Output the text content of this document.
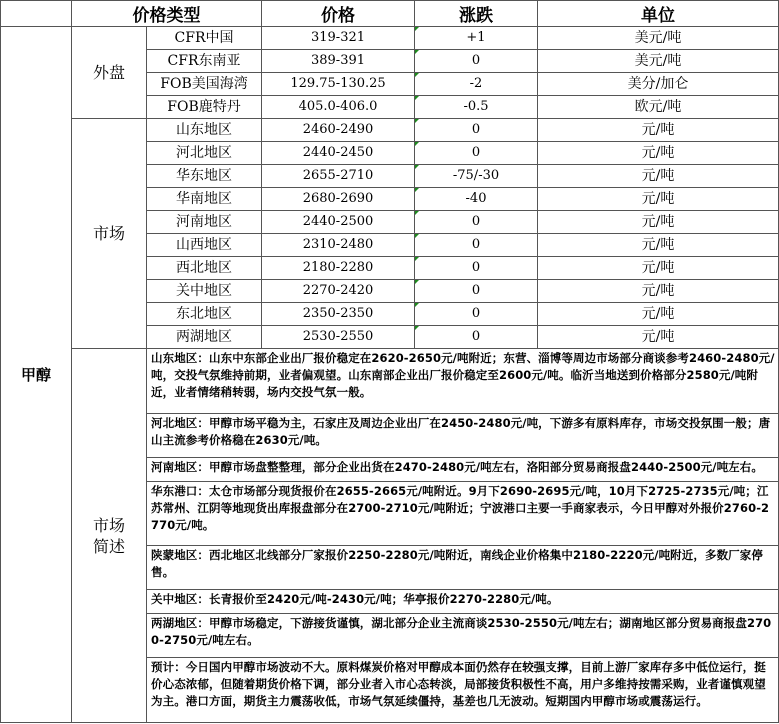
	价格类型		价格	涨跌	单位
甲醇	外盘	CFR中国	319-321	+1	美元/吨
		CFR东南亚	389-391	0	美元/吨
		FOB美国海湾	129.75-130.25	-2	美分/加仑
		FOB鹿特丹	405.0-406.0	-0.5	欧元/吨
	市场	山东地区	2460-2490	0	元/吨
		河北地区	2440-2450	0	元/吨
		华东地区	2655-2710	-75/-30	元/吨
		华南地区	2680-2690	-40	元/吨
		河南地区	2440-2500	0	元/吨
		山西地区	2310-2480	0	元/吨
		西北地区	2180-2280	0	元/吨
		关中地区	2270-2420	0	元/吨
		东北地区	2350-2350	0	元/吨
		两湖地区	2530-2550	0	元/吨
	市场
简述	山东地区：山东中东部企业出厂报价稳定在2620-2650元/吨附近；东营、淄博等周边市场部分商谈参考2460-2480元/吨，交投气氛维持前期，业者偏观望。山东南部企业出厂报价稳定至2600元/吨。临沂当地送到价格部分2580元/吨附近，业者情绪稍转弱，场内交投气氛一般。			
		河北地区：甲醇市场平稳为主，石家庄及周边企业出厂在2450-2480元/吨，下游多有原料库存，市场交投氛围一般；唐山主流参考价格稳在2630元/吨。			
		河南地区：甲醇市场盘整整理，部分企业出货在2470-2480元/吨左右，洛阳部分贸易商报盘2440-2500元/吨左右。			
		华东港口：太仓市场部分现货报价在2655-2665元/吨附近。9月下2690-2695元/吨，10月下2725-2735元/吨；江苏常州、江阴等地现货出库报盘部分在2700-2710元/吨附近；宁波港口主要一手商家表示，今日甲醇对外报价2760-2770元/吨。			
		陕蒙地区：西北地区北线部分厂家报价2250-2280元/吨附近，南线企业价格集中2180-2220元/吨附近，多数厂家停售。			
		关中地区：长青报价至2420元/吨-2430元/吨；华亭报价2270-2280元/吨。			
		两湖地区：甲醇市场稳定，下游接货谨慎，湖北部分企业主流商谈2530-2550元/吨左右；湖南地区部分贸易商报盘2700-2750元/吨左右。			
		预计：今日国内甲醇市场波动不大。原料煤炭价格对甲醇成本面仍然存在较强支撑，目前上游厂家库存多中低位运行，挺价心态浓郁，但随着期货价格下调，部分业者入市心态转淡，局部接货积极性不高，用户多维持按需采购，业者谨慎观望为主。港口方面，期货主力震荡收低，市场气氛延续僵持，基差也几无波动。短期国内甲醇市场或震荡运行。			
